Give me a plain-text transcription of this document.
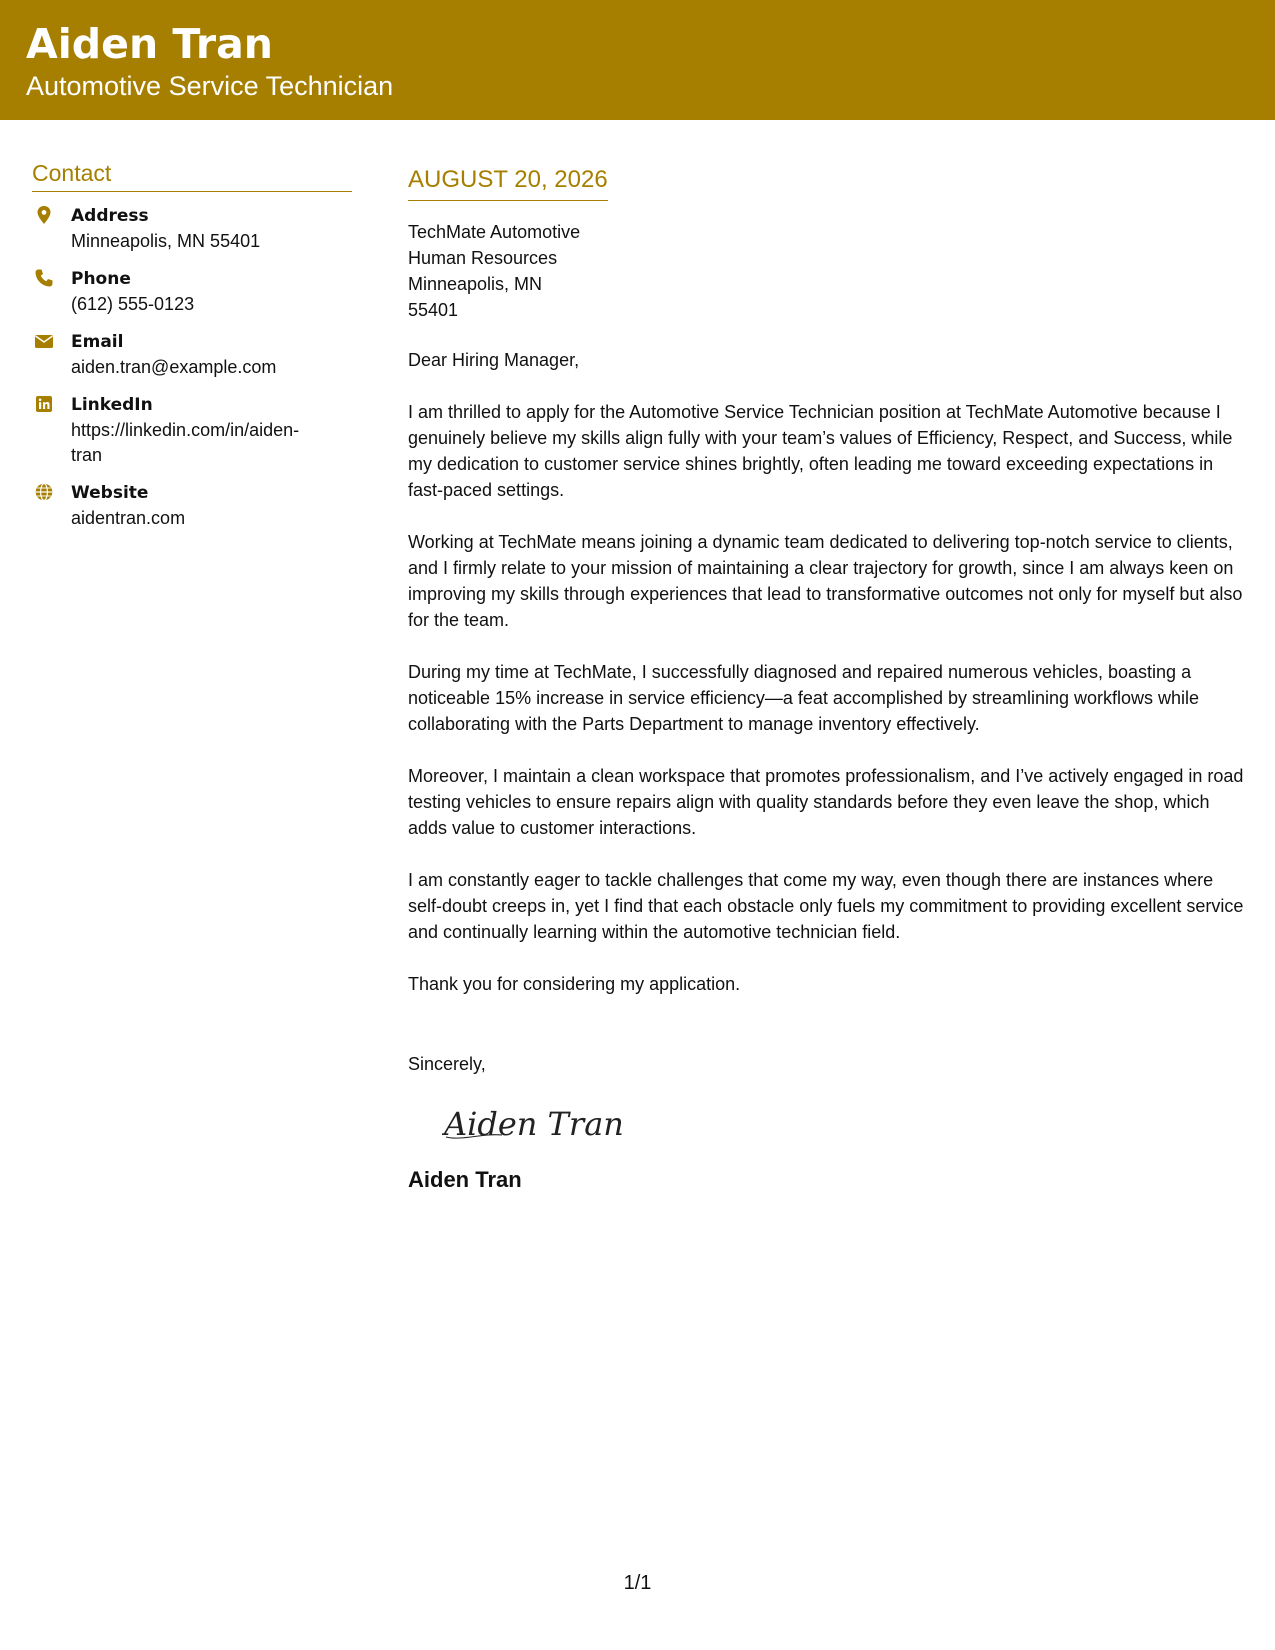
Aiden Tran
Automotive Service Technician
Contact
Address
Minneapolis, MN 55401
Phone
(612) 555-0123
Email
aiden.tran@example.com
LinkedIn
https://linkedin.com/in/aiden-
tran
Website
aidentran.com
AUGUST 20, 2026
TechMate Automotive
Human Resources
Minneapolis, MN
55401
Dear Hiring Manager,
I am thrilled to apply for the Automotive Service Technician position at TechMate Automotive because I genuinely believe my skills align fully with your team’s values of Efficiency, Respect, and Success, while my dedication to customer service shines brightly, often leading me toward exceeding expectations in fast-paced settings.
Working at TechMate means joining a dynamic team dedicated to delivering top-notch service to clients, and I firmly relate to your mission of maintaining a clear trajectory for growth, since I am always keen on improving my skills through experiences that lead to transformative outcomes not only for myself but also for the team.
During my time at TechMate, I successfully diagnosed and repaired numerous vehicles, boasting a noticeable 15% increase in service efficiency—a feat accomplished by streamlining workflows while collaborating with the Parts Department to manage inventory effectively.
Moreover, I maintain a clean workspace that promotes professionalism, and I’ve actively engaged in road testing vehicles to ensure repairs align with quality standards before they even leave the shop, which adds value to customer interactions.
I am constantly eager to tackle challenges that come my way, even though there are instances where self-doubt creeps in, yet I find that each obstacle only fuels my commitment to providing excellent service and continually learning within the automotive technician field.
Thank you for considering my application.
Sincerely,
Aiden Tran
Aiden Tran
1/1
